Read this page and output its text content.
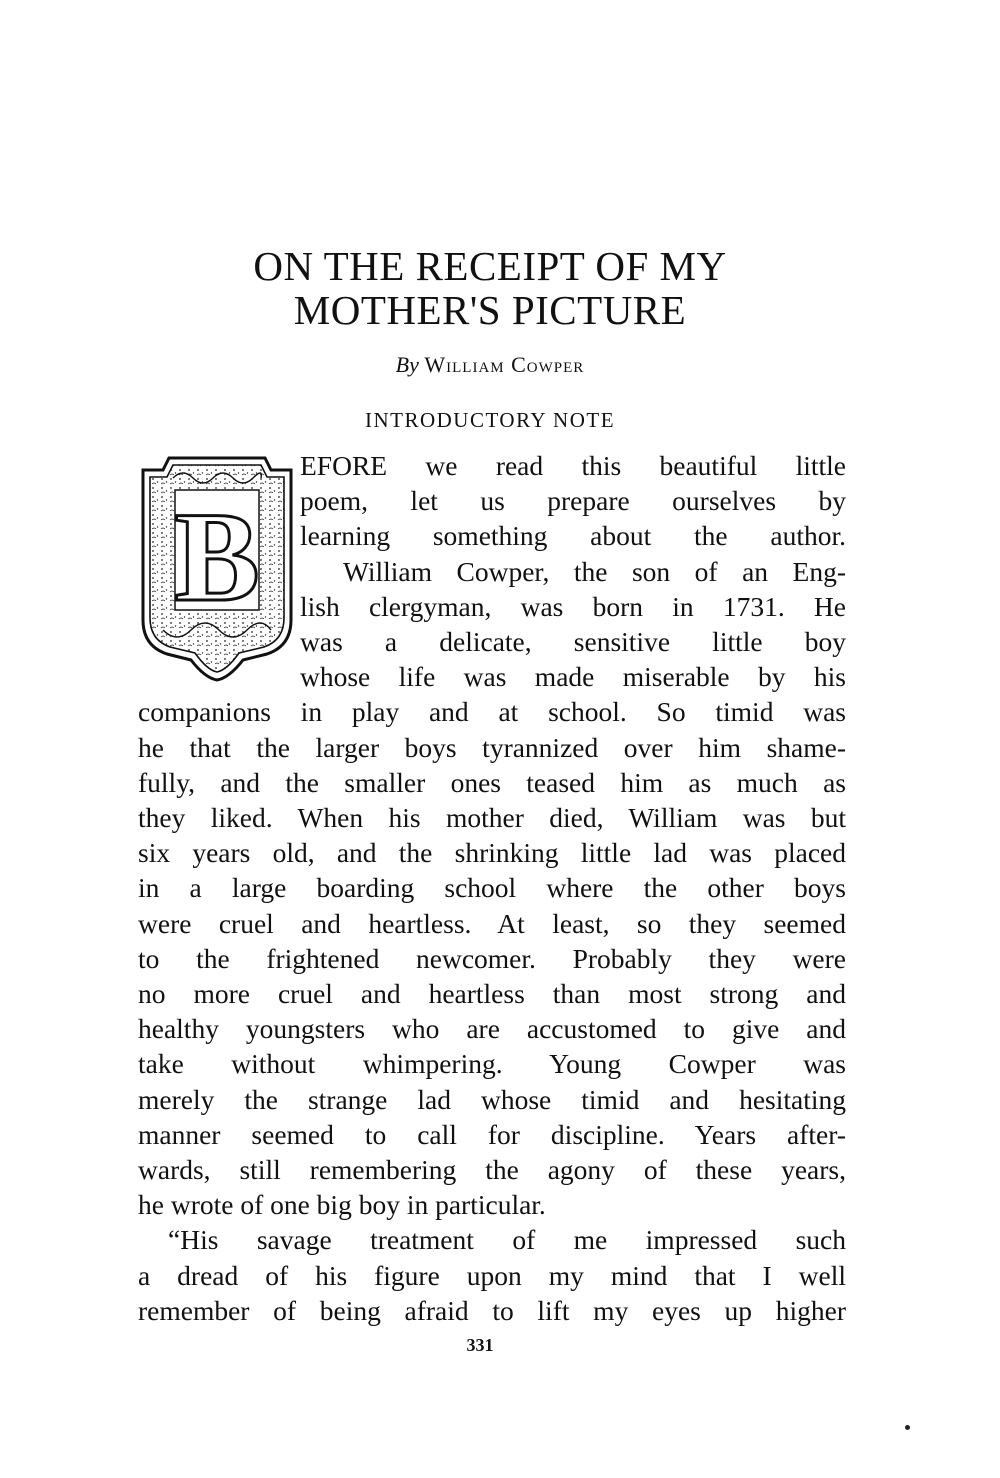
ON THE RECEIPT OF MY
MOTHER'S PICTURE

By William Cowper

INTRODUCTORY NOTE
B
EFORE we read this beautiful little
poem, let us prepare ourselves by
learning something about the author.
William Cowper, the son of an Eng-
lish clergyman, was born in 1731. He
was a delicate, sensitive little boy
whose life was made miserable by his
companions in play and at school. So timid was
he that the larger boys tyrannized over him shame-
fully, and the smaller ones teased him as much as
they liked. When his mother died, William was but
six years old, and the shrinking little lad was placed
in a large boarding school where the other boys
were cruel and heartless. At least, so they seemed
to the frightened newcomer. Probably they were
no more cruel and heartless than most strong and
healthy youngsters who are accustomed to give and
take without whimpering. Young Cowper was
merely the strange lad whose timid and hesitating
manner seemed to call for discipline. Years after-
wards, still remembering the agony of these years,
he wrote of one big boy in particular.
“His savage treatment of me impressed such
a dread of his figure upon my mind that I well
remember of being afraid to lift my eyes up higher

331
